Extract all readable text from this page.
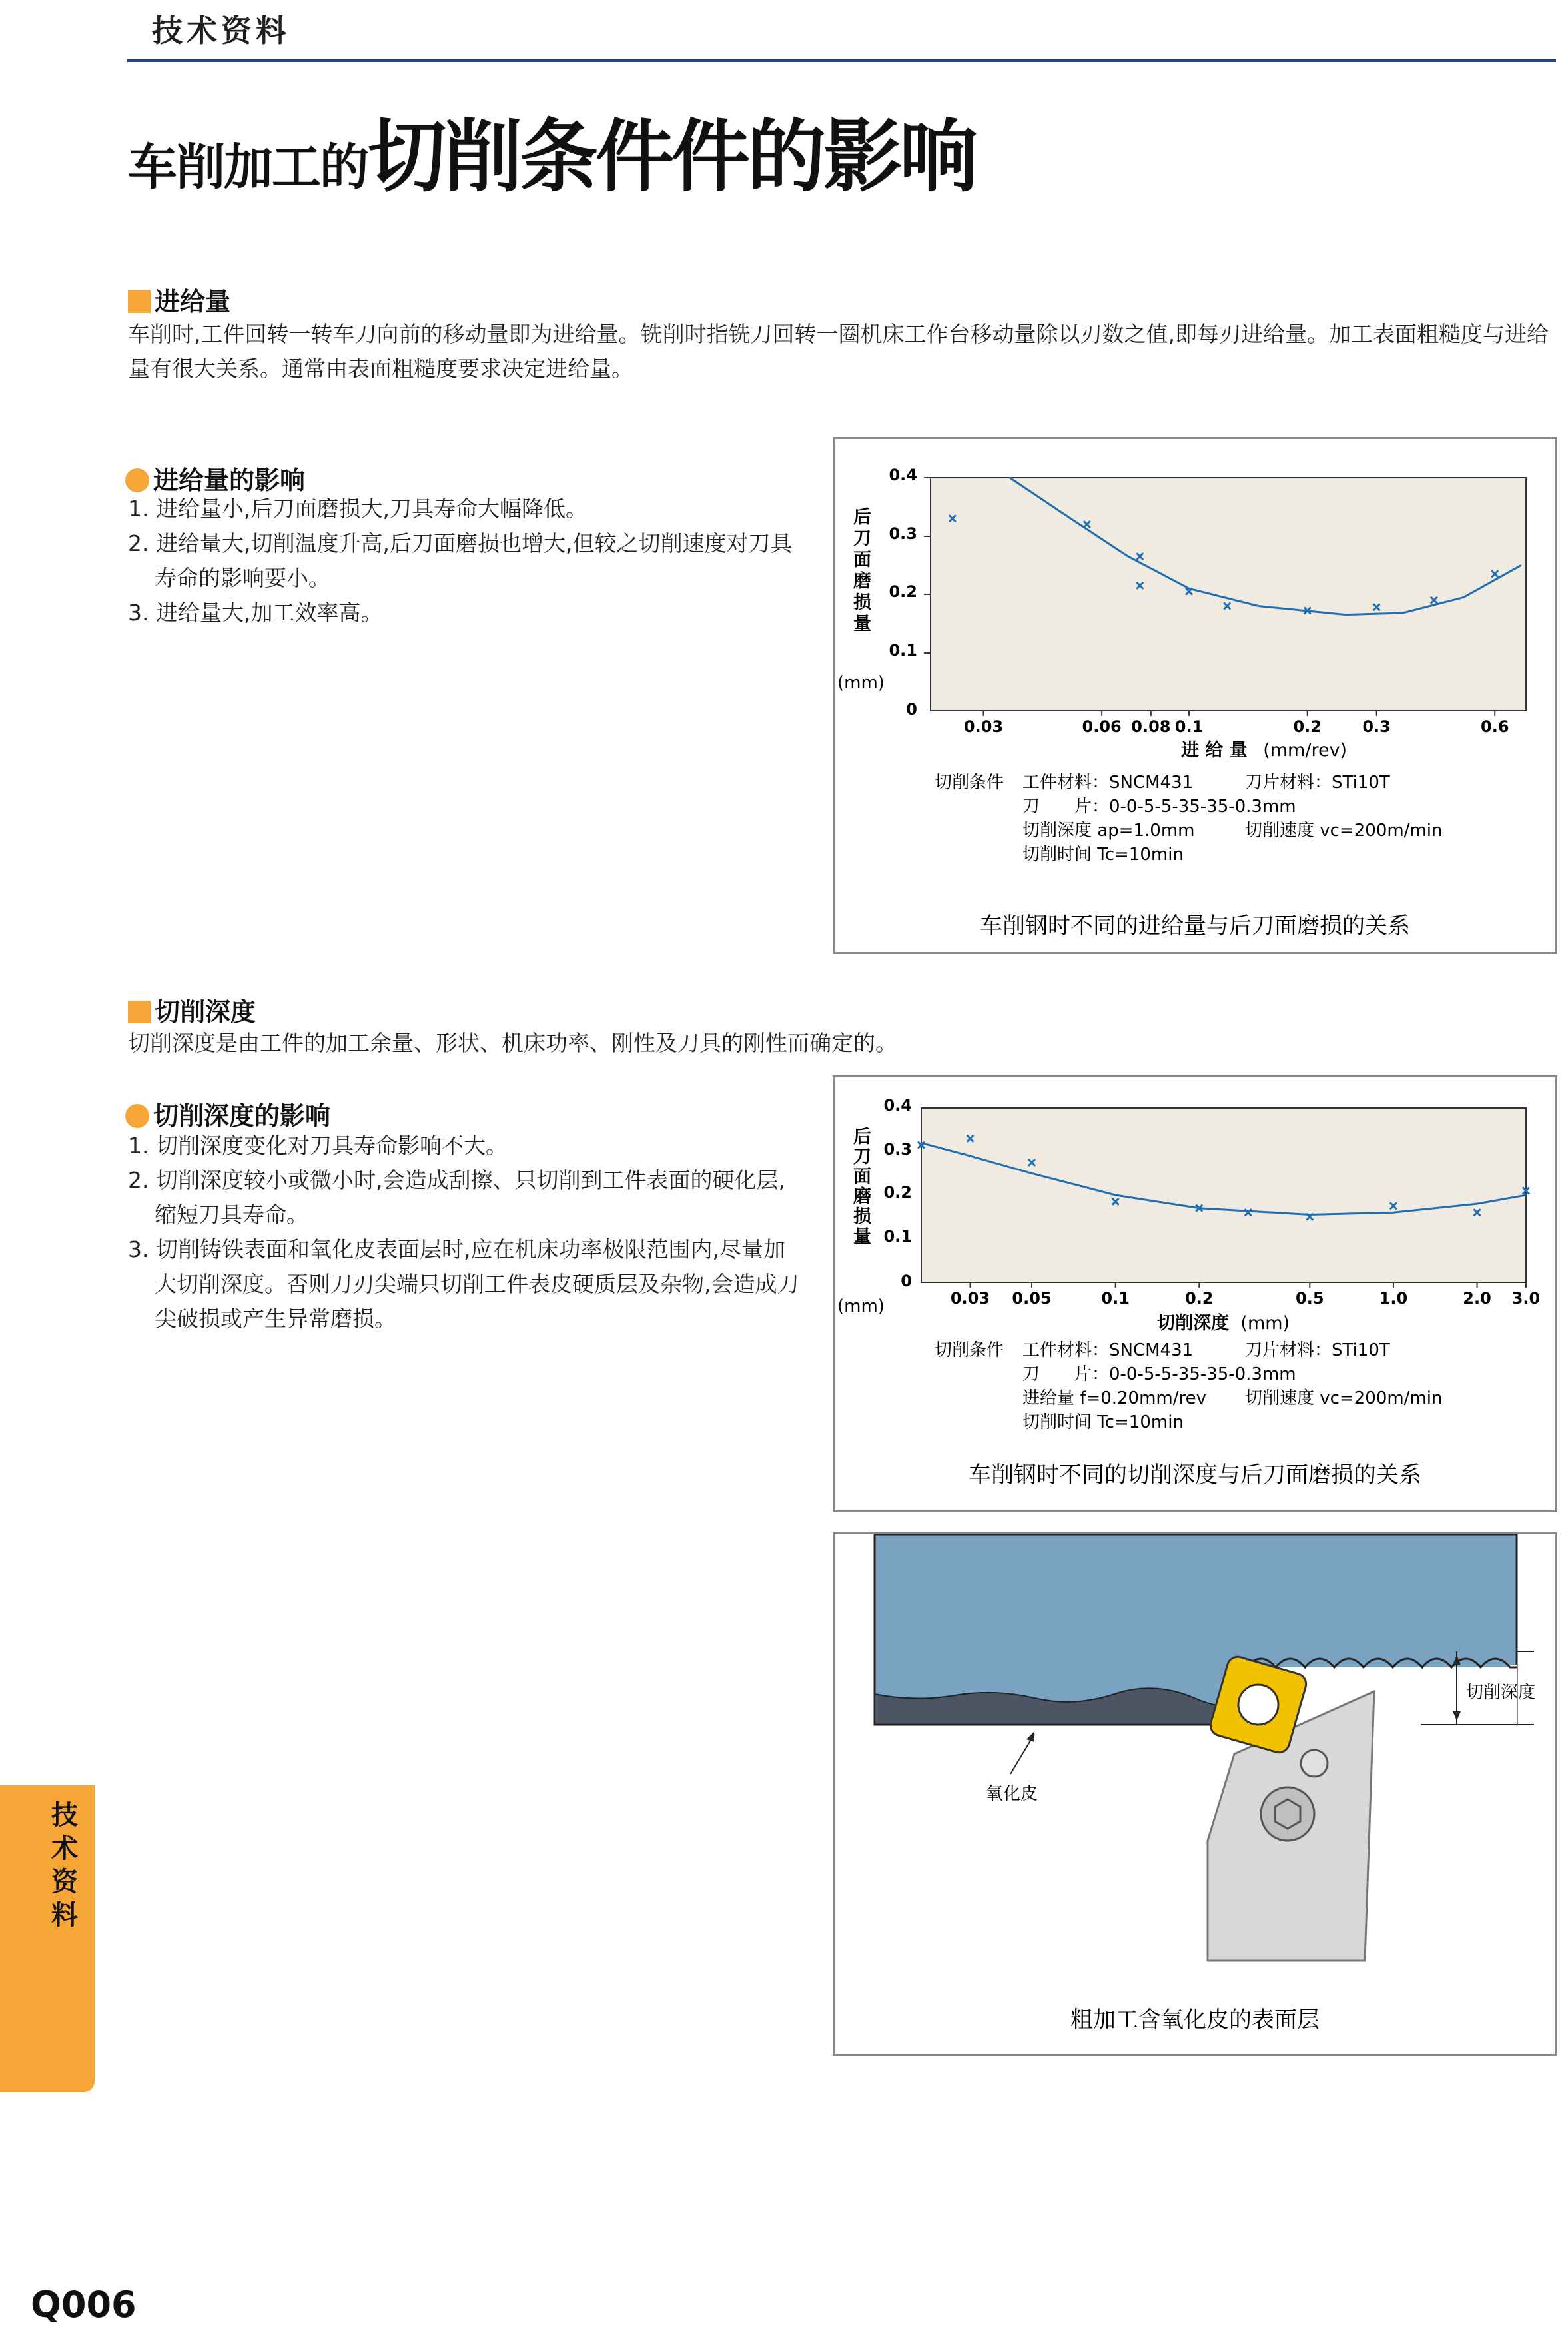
技术资料
车削加工的切削条件件的影响
进给量
车削时,工件回转一转车刀向前的移动量即为进给量。铣削时指铣刀回转一圈机床工作台移动量除以刃数之值,即每刃进给量。加工表面粗糙度与进给量有很大关系。通常由表面粗糙度要求决定进给量。
进给量的影响
1. 进给量小,后刀面磨损大,刀具寿命大幅降低。
2. 进给量大,切削温度升高,后刀面磨损也增大,但较之切削速度对刀具寿命的影响要小。
3. 进给量大,加工效率高。
0.4
0.3
0.2
0.1
0
后刀面磨损量
(mm)
0.03	0.06 0.08 0.1	0.2	0.3	0.6
进 给 量 (mm/rev)
切削条件 工件材料：SNCM431	刀片材料：STi10T
刀　　片：0-0-5-5-35-35-0.3mm
切削深度 ap=1.0mm	切削速度 vc=200m/min
切削时间 Tc=10min
车削钢时不同的进给量与后刀面磨损的关系
切削深度
切削深度是由工件的加工余量、形状、机床功率、刚性及刀具的刚性而确定的。
切削深度的影响
1. 切削深度变化对刀具寿命影响不大。
2. 切削深度较小或微小时,会造成刮擦、只切削到工件表面的硬化层,缩短刀具寿命。
3. 切削铸铁表面和氧化皮表面层时,应在机床功率极限范围内,尽量加大切削深度。否则刀刃尖端只切削工件表皮硬质层及杂物,会造成刀尖破损或产生异常磨损。
0.4
0.3
0.2
0.1
0
后刀面磨损量
(mm)	0.03 0.05	0.1	0.2	0.5	1.0	2.0 3.0
切削深度 (mm)
切削条件 工件材料：SNCM431	刀片材料：STi10T
刀　　片：0-0-5-5-35-35-0.3mm
进给量 f=0.20mm/rev 切削速度 vc=200m/min
切削时间 Tc=10min
车削钢时不同的切削深度与后刀面磨损的关系
切削深度
氧化皮
粗加工含氧化皮的表面层
技
术
资
料
Q006
